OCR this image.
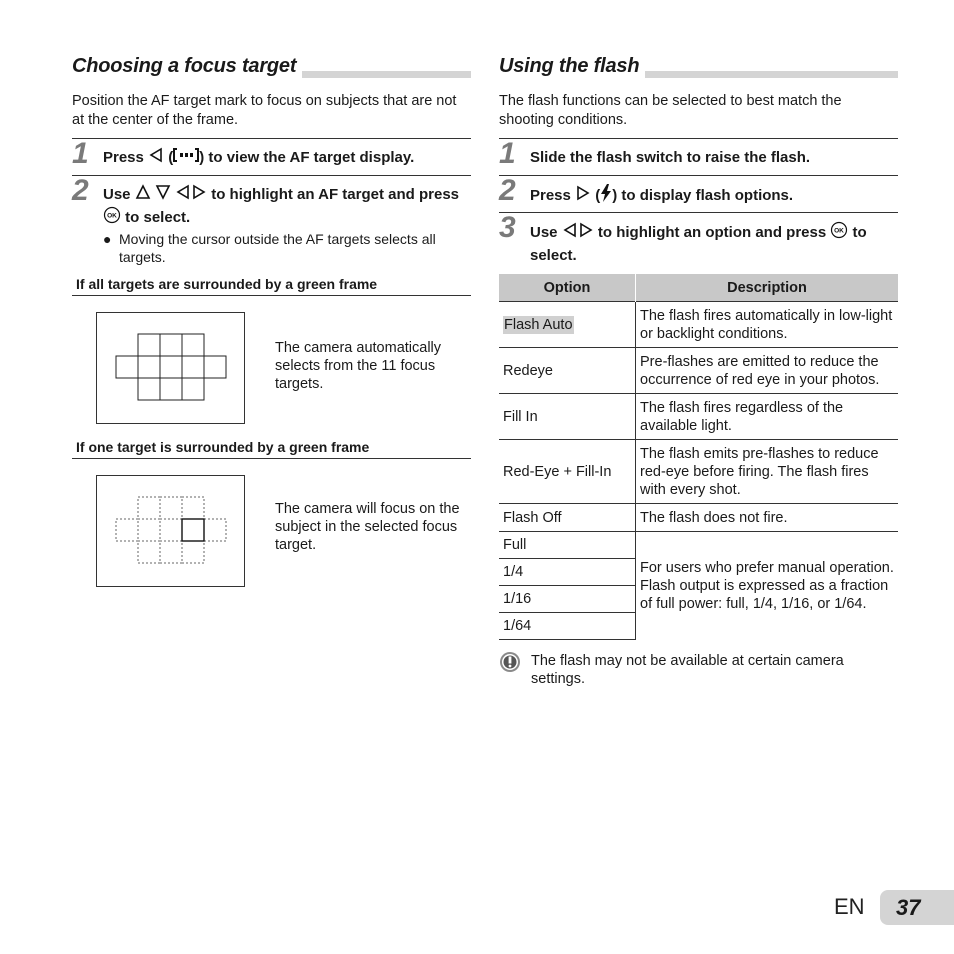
Choosing a focus target
Position the AF target mark to focus on subjects that are not at the center of the frame.
1 Press  ( ) to view the AF target display.
2 Use	to highlight an AF target and press
OK to select.
● Moving the cursor outside the AF targets selects all targets.
If all targets are surrounded by a green frame
The camera automatically selects from the 11 focus targets.
If one target is surrounded by a green frame
The camera will focus on the subject in the selected focus target.
Using the flash
The flash functions can be selected to best match the shooting conditions.
1 Slide the flash switch to raise the flash.
2 Press  ( ) to display flash options.
3 Use	to highlight an option and press OK to select.
Option	Description
Flash Auto	The flash fires automatically in low-light or backlight conditions.
Redeye	Pre-flashes are emitted to reduce the occurrence of red eye in your photos.
Fill In	The flash fires regardless of the available light.
Red-Eye + Fill-In	The flash emits pre-flashes to reduce red-eye before firing. The flash fires with every shot.
Flash Off	The flash does not fire.
Full	For users who prefer manual operation. Flash output is expressed as a fraction of full power: full, 1/4, 1/16, or 1/64.
1/4	
1/16	
1/64	
The flash may not be available at certain camera settings.
EN	37
